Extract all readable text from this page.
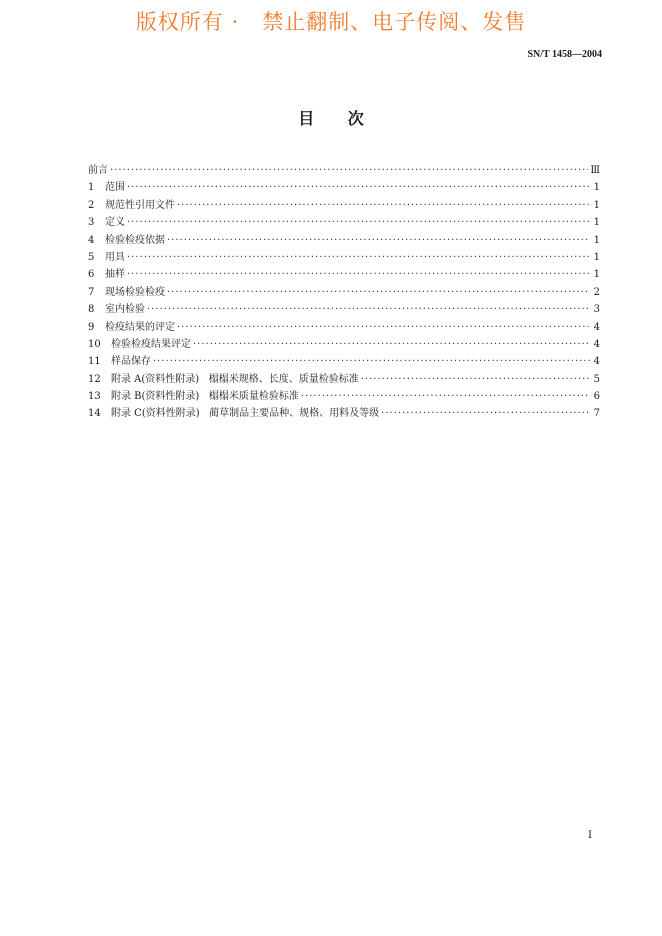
版权所有 ·   禁止翻制、电子传阅、发售
SN/T 1458—2004
目      次
前言 ·····	Ⅲ
1	范围 ·····	1
2	规范性引用文件 ·····	1
3	定义 ·····	1
4	检验检疫依据 ·····	1
5	用具 ·····	1
6	抽样 ·····	1
7	现场检验检疫 ·····	2
8	室内检验 ·····	3
9	检疫结果的评定 ·····	4
10	检验检疫结果评定 ·····	4
11	样品保存 ·····	4
12	附录 A(资料性附录)   榻榻米规格、长度、质量检验标准 ·····	5
13	附录 B(资料性附录)   榻榻米质量检验标准 ·····	6
14	附录 C(资料性附录)   蔺草制品主要品种、规格、用料及等级 ·····	7
I
